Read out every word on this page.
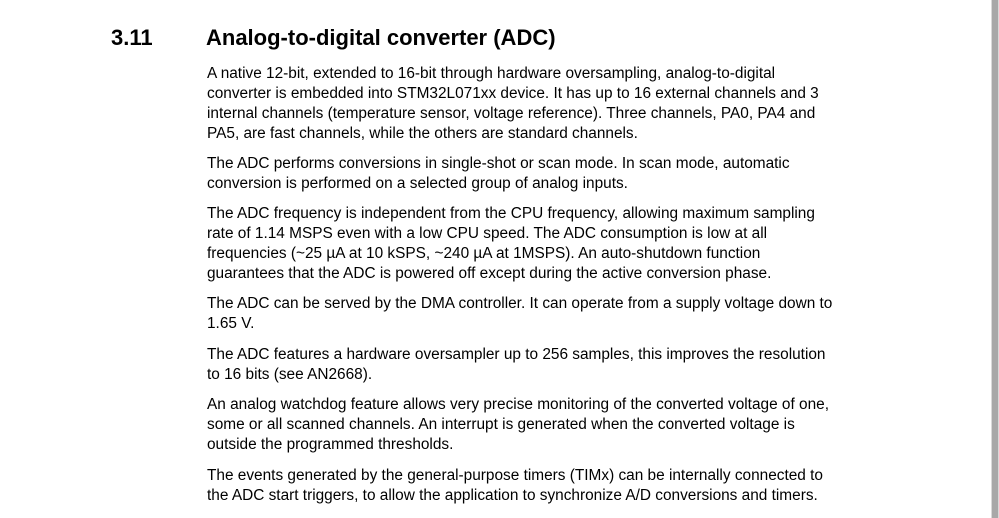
3.11 Analog-to-digital converter (ADC)
A native 12-bit, extended to 16-bit through hardware oversampling, analog-to-digital
converter is embedded into STM32L071xx device. It has up to 16 external channels and 3
internal channels (temperature sensor, voltage reference). Three channels, PA0, PA4 and
PA5, are fast channels, while the others are standard channels.
The ADC performs conversions in single-shot or scan mode. In scan mode, automatic
conversion is performed on a selected group of analog inputs.
The ADC frequency is independent from the CPU frequency, allowing maximum sampling
rate of 1.14 MSPS even with a low CPU speed. The ADC consumption is low at all
frequencies (~25 µA at 10 kSPS, ~240 µA at 1MSPS). An auto-shutdown function
guarantees that the ADC is powered off except during the active conversion phase.
The ADC can be served by the DMA controller. It can operate from a supply voltage down to
1.65 V.
The ADC features a hardware oversampler up to 256 samples, this improves the resolution
to 16 bits (see AN2668).
An analog watchdog feature allows very precise monitoring of the converted voltage of one,
some or all scanned channels. An interrupt is generated when the converted voltage is
outside the programmed thresholds.
The events generated by the general-purpose timers (TIMx) can be internally connected to
the ADC start triggers, to allow the application to synchronize A/D conversions and timers.
